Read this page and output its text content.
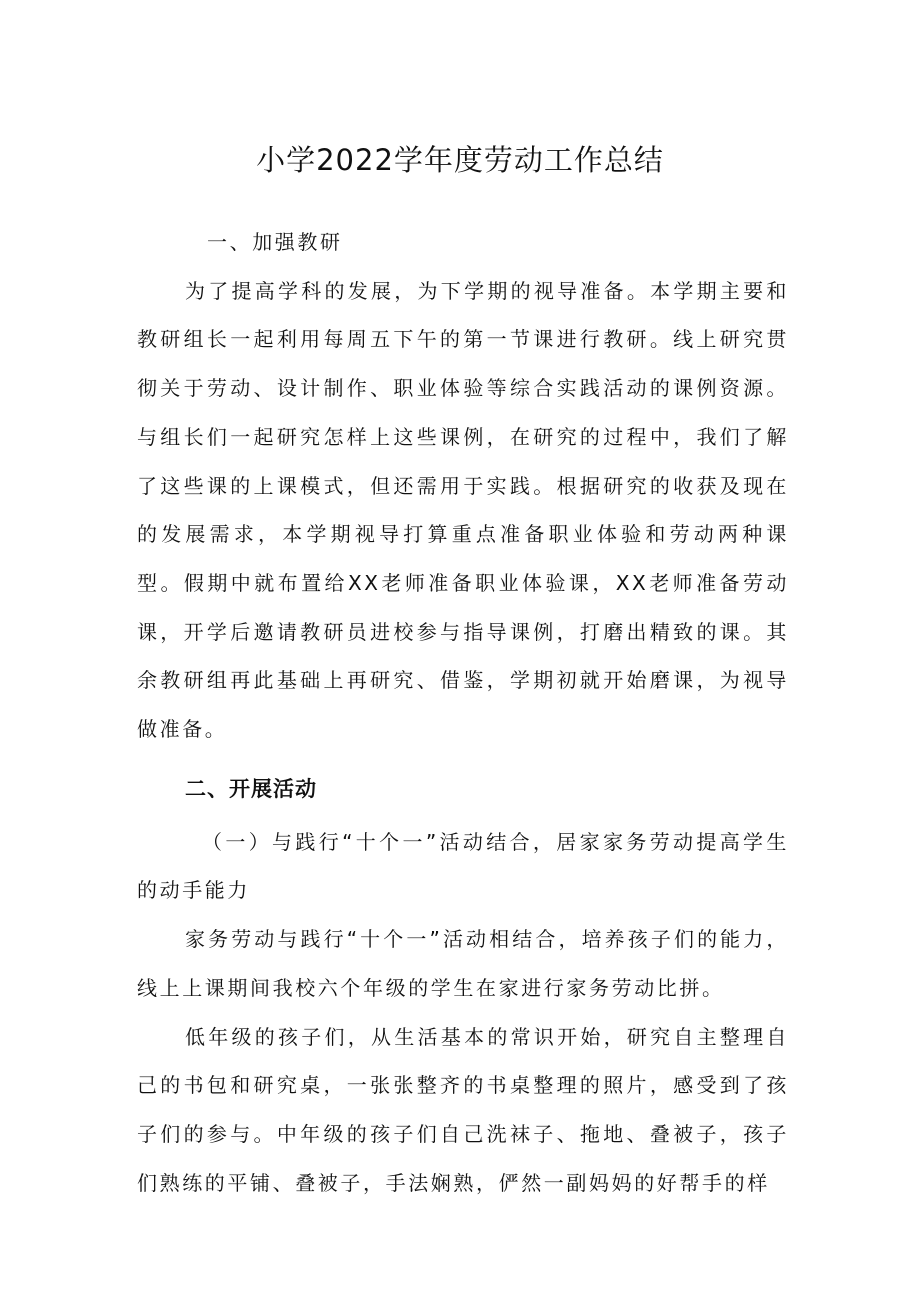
小学2022学年度劳动工作总结

一、加强教研

为了提高学科的发展，为下学期的视导准备。本学期主要和教研组长一起利用每周五下午的第一节课进行教研。线上研究贯彻关于劳动、设计制作、职业体验等综合实践活动的课例资源。与组长们一起研究怎样上这些课例，在研究的过程中，我们了解了这些课的上课模式，但还需用于实践。根据研究的收获及现在的发展需求，本学期视导打算重点准备职业体验和劳动两种课型。假期中就布置给XX老师准备职业体验课，XX老师准备劳动课，开学后邀请教研员进校参与指导课例，打磨出精致的课。其余教研组再此基础上再研究、借鉴，学期初就开始磨课，为视导做准备。

二、开展活动

（一）与践行“十个一”活动结合，居家家务劳动提高学生的动手能力

家务劳动与践行“十个一”活动相结合，培养孩子们的能力，线上上课期间我校六个年级的学生在家进行家务劳动比拼。

低年级的孩子们，从生活基本的常识开始，研究自主整理自己的书包和研究桌，一张张整齐的书桌整理的照片，感受到了孩子们的参与。中年级的孩子们自己洗袜子、拖地、叠被子，孩子们熟练的平铺、叠被子，手法娴熟，俨然一副妈妈的好帮手的样
